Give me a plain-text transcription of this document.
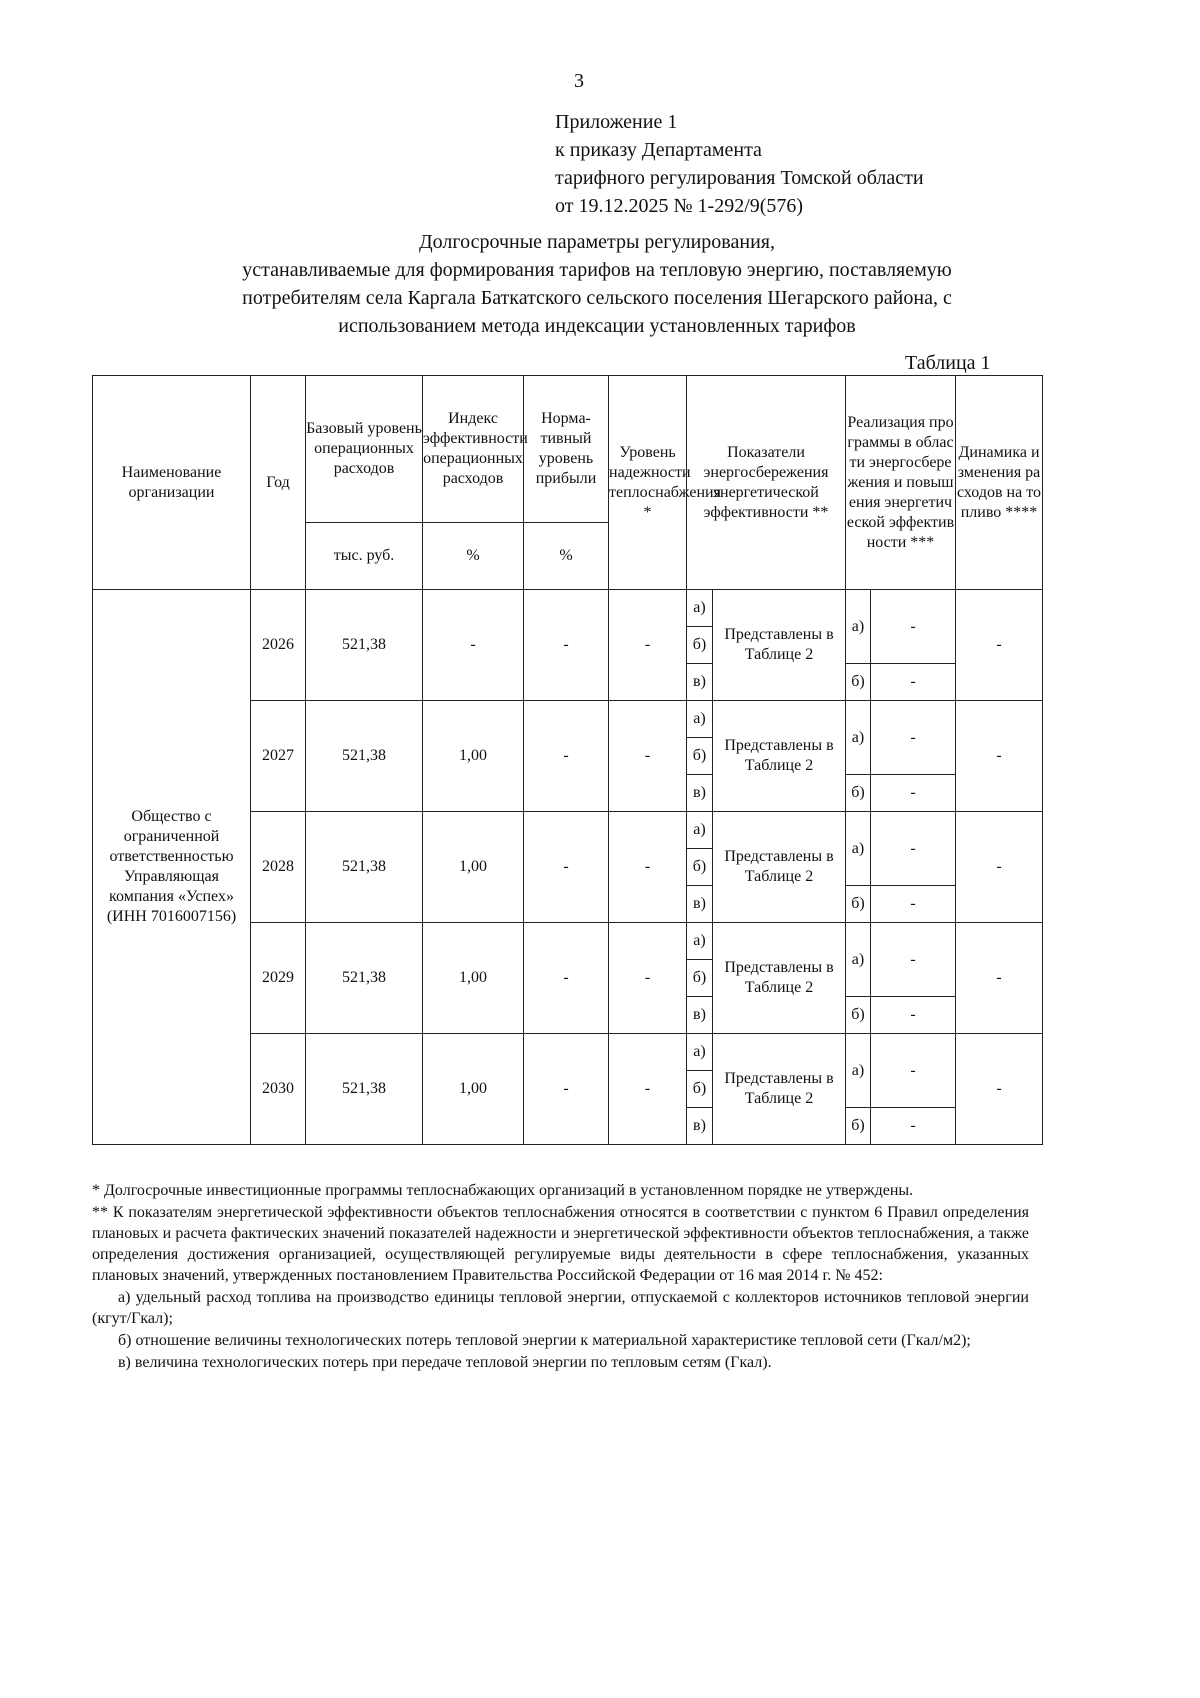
3
Приложение 1
к приказу Департамента
тарифного регулирования Томской области
от 19.12.2025 № 1-292/9(576)
Долгосрочные параметры регулирования,
устанавливаемые для формирования тарифов на тепловую энергию, поставляемую
потребителям села Каргала Баткатского сельского поселения Шегарского района, с
использованием метода индексации установленных тарифов
Таблица 1
Наименование организации	Год	Базовый уровень операционных расходов	Индекс эффективности операционных расходов	Норма-тивный уровень прибыли	Уровень надежности теплоснабжения *	Показатели энергосбережения энергетической эффективности **		Реализация программы в области энергосбережения и повышения энергетической эффективности ***		Динамика изменения расходов на топливо ****
		тыс. руб.	%	%						
Общество с ограниченной ответственностью Управляющая компания «Успех» (ИНН 7016007156)	2026	521,38	-	-	-	а)	Представлены в Таблице 2	а)	-	-
						б)				
						в)		б)	-	
	2027	521,38	1,00	-	-	а)	Представлены в Таблице 2	а)	-	-
						б)				
						в)		б)	-	
	2028	521,38	1,00	-	-	а)	Представлены в Таблице 2	а)	-	-
						б)				
						в)		б)	-	
	2029	521,38	1,00	-	-	а)	Представлены в Таблице 2	а)	-	-
						б)				
						в)		б)	-	
	2030	521,38	1,00	-	-	а)	Представлены в Таблице 2	а)	-	-
						б)				
						в)		б)	-	

* Долгосрочные инвестиционные программы теплоснабжающих организаций в установленном порядке не утверждены.

** К показателям энергетической эффективности объектов теплоснабжения относятся в соответствии с пунктом 6 Правил определения плановых и расчета фактических значений показателей надежности и энергетической эффективности объектов теплоснабжения, а также определения достижения организацией, осуществляющей регулируемые виды деятельности в сфере теплоснабжения, указанных плановых значений, утвержденных постановлением Правительства Российской Федерации от 16 мая 2014 г. № 452:

а) удельный расход топлива на производство единицы тепловой энергии, отпускаемой с коллекторов источников тепловой энергии (кгут/Гкал);

б) отношение величины технологических потерь тепловой энергии к материальной характеристике тепловой сети (Гкал/м2);

в) величина технологических потерь при передаче тепловой энергии по тепловым сетям (Гкал).
